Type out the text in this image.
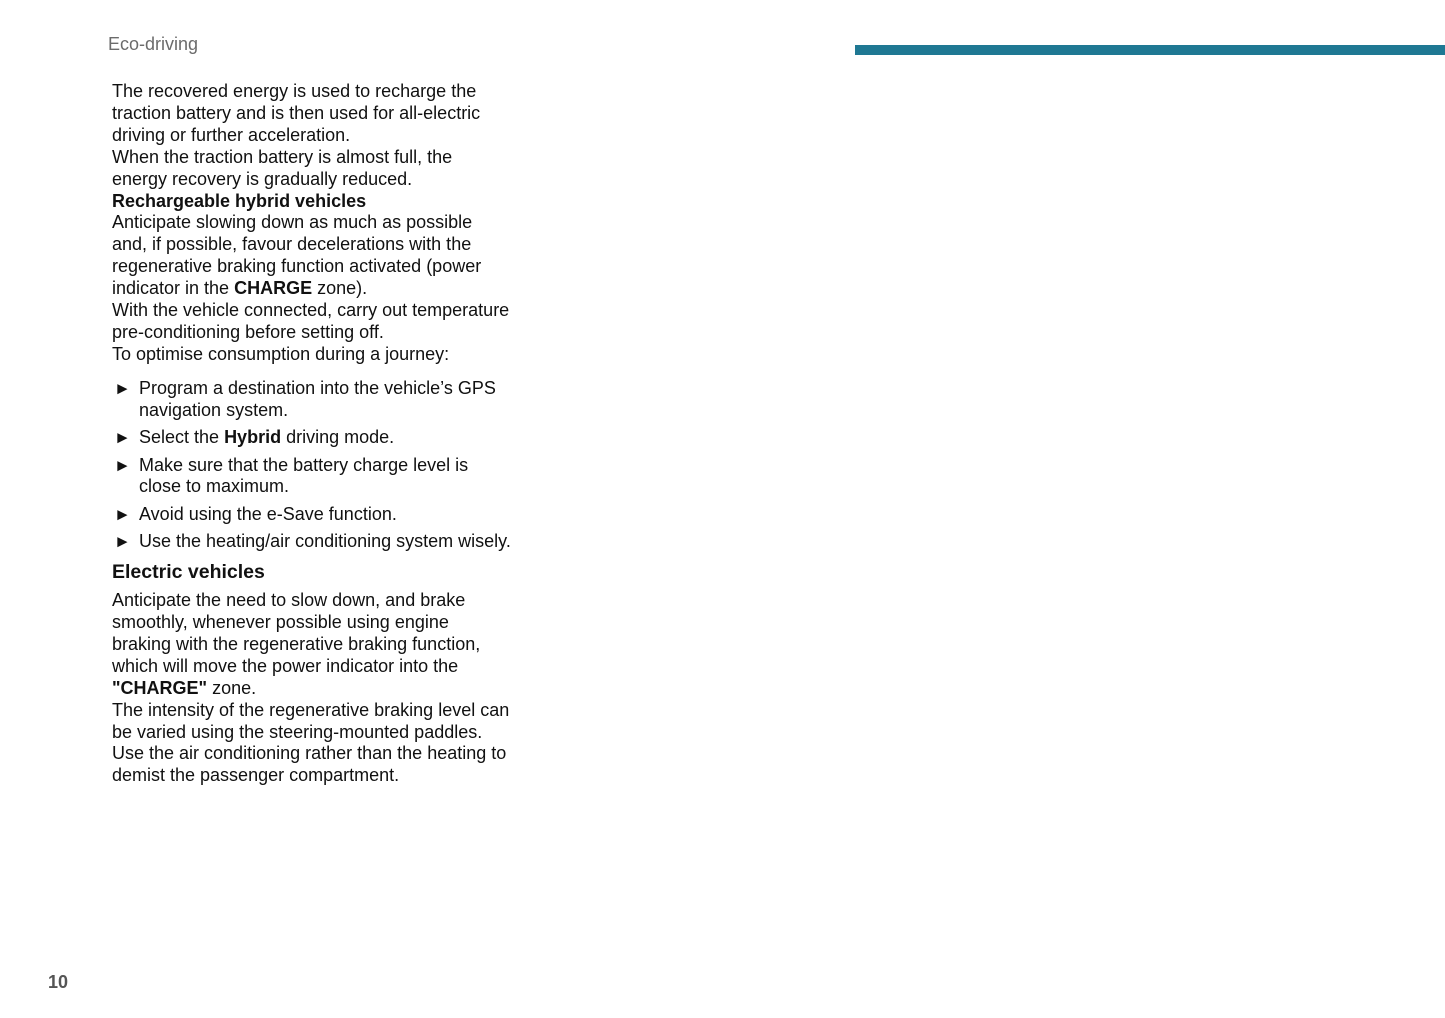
Eco-driving

The recovered energy is used to recharge the traction battery and is then used for all-electric driving or further acceleration.

When the traction battery is almost full, the energy recovery is gradually reduced.

Rechargeable hybrid vehicles

Anticipate slowing down as much as possible and, if possible, favour decelerations with the regenerative braking function activated (power indicator in the CHARGE zone).

With the vehicle connected, carry out temperature pre-conditioning before setting off.

To optimise consumption during a journey:

► Program a destination into the vehicle’s GPS navigation system.
► Select the Hybrid driving mode.
► Make sure that the battery charge level is close to maximum.
► Avoid using the e-Save function.
► Use the heating/air conditioning system wisely.
Electric vehicles

Anticipate the need to slow down, and brake smoothly, whenever possible using engine braking with the regenerative braking function, which will move the power indicator into the "CHARGE" zone.

The intensity of the regenerative braking level can be varied using the steering-mounted paddles.

Use the air conditioning rather than the heating to demist the passenger compartment.

10
